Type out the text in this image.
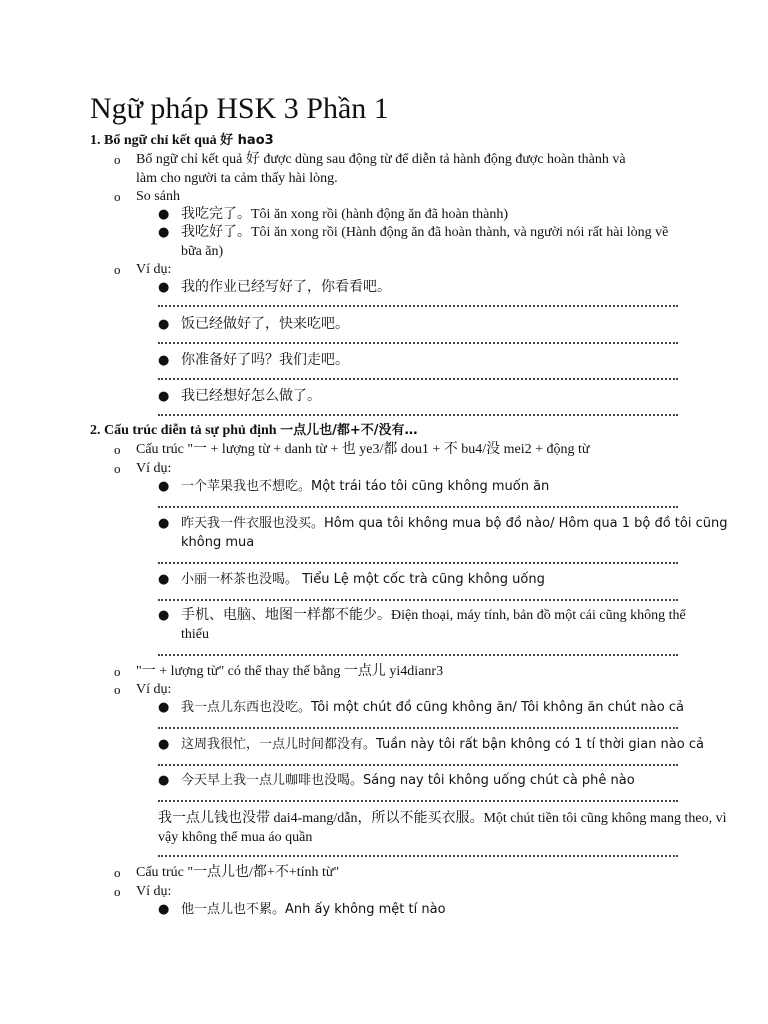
Ngữ pháp HSK 3 Phần 1
1. Bổ ngữ chỉ kết quả 好 hao3
o Bổ ngữ chỉ kết quả 好 được dùng sau động từ để diễn tả hành động được hoàn thành và
làm cho người ta cảm thấy hài lòng.
o So sánh
● 我吃完了。Tôi ăn xong rồi (hành động ăn đã hoàn thành)
● 我吃好了。Tôi ăn xong rồi (Hành động ăn đã hoàn thành, và người nói rất hài lòng về
bữa ăn)
o Ví dụ:
● 我的作业已经写好了，你看看吧。
● 饭已经做好了，快来吃吧。
● 你准备好了吗？我们走吧。
● 我已经想好怎么做了。
2. Cấu trúc diễn tả sự phủ định 一点儿也/都+不/没有…
o Cấu trúc "一 + lượng từ + danh từ + 也 ye3/都 dou1 + 不 bu4/没 mei2 + động từ
o Ví dụ:
● 一个苹果我也不想吃。Một trái táo tôi cũng không muốn ăn
● 昨天我一件衣服也没买。Hôm qua tôi không mua bộ đồ nào/ Hôm qua 1 bộ đồ tôi cũng
không mua
● 小丽一杯茶也没喝。 Tiểu Lệ một cốc trà cũng không uống
● 手机、电脑、地图一样都不能少。Điện thoại, máy tính, bản đồ một cái cũng không thể
thiếu
o "一 + lượng từ" có thể thay thế bằng 一点儿 yi4dianr3
o Ví dụ:
● 我一点儿东西也没吃。Tôi một chút đồ cũng không ăn/ Tôi không ăn chút nào cả
● 这周我很忙，一点儿时间都没有。Tuần này tôi rất bận không có 1 tí thời gian nào cả
● 今天早上我一点儿咖啡也没喝。Sáng nay tôi không uống chút cà phê nào
我一点儿钱也没带 dai4-mang/dẫn，所以不能买衣服。Một chút tiền tôi cũng không mang theo, vì
vậy không thể mua áo quần
o Cấu trúc "一点儿也/都+不+tính từ"
o Ví dụ:
● 他一点儿也不累。Anh ấy không mệt tí nào
